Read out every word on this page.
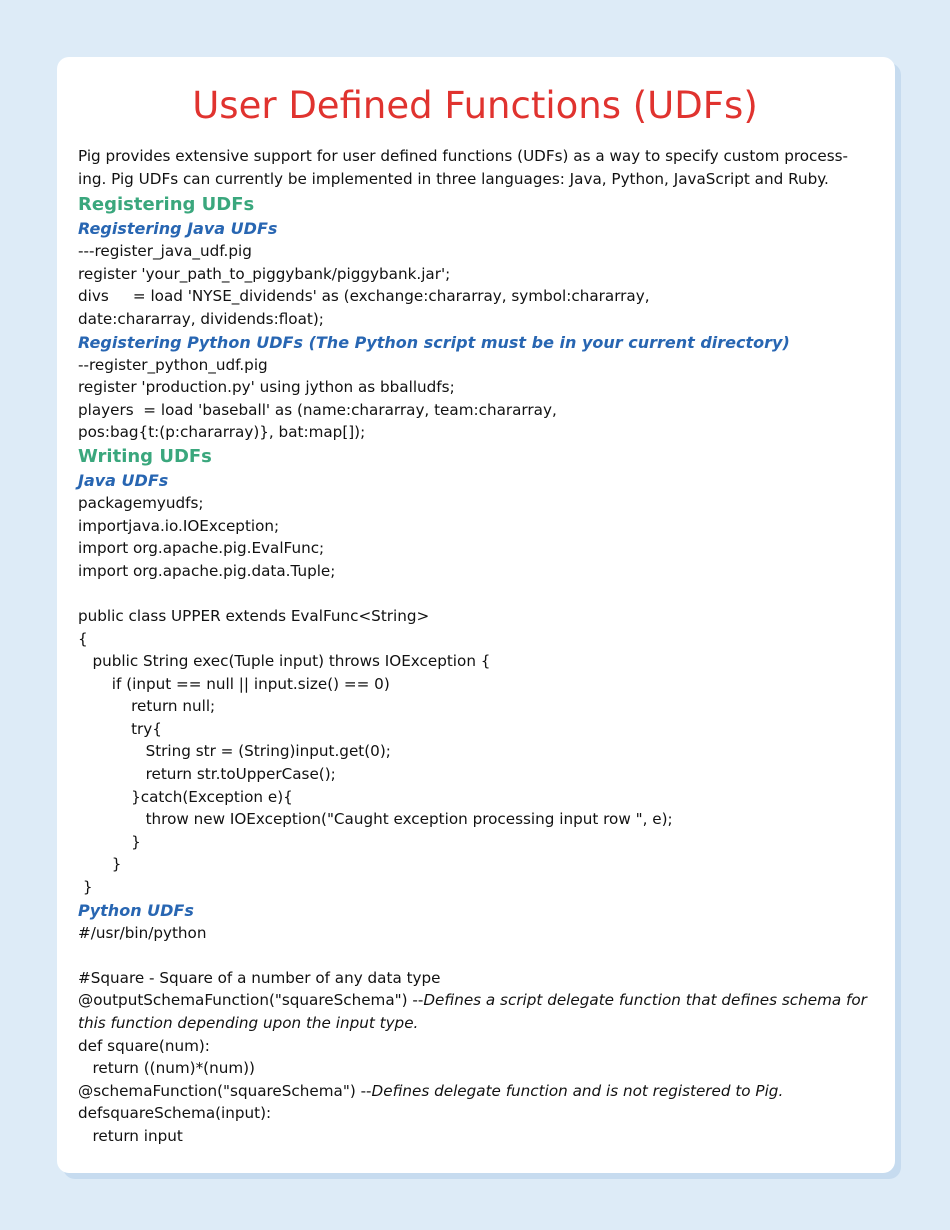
User Defined Functions (UDFs)
Pig provides extensive support for user defined functions (UDFs) as a way to specify custom process-ing. Pig UDFs can currently be implemented in three languages: Java, Python, JavaScript and Ruby.
Registering UDFs
Registering Java UDFs
---register_java_udf.pig
register 'your_path_to_piggybank/piggybank.jar';
divs     = load 'NYSE_dividends' as (exchange:chararray, symbol:chararray,
date:chararray, dividends:float);
Registering Python UDFs (The Python script must be in your current directory)
--register_python_udf.pig
register 'production.py' using jython as bballudfs;
players  = load 'baseball' as (name:chararray, team:chararray,
pos:bag{t:(p:chararray)}, bat:map[]);
Writing UDFs
Java UDFs
packagemyudfs;
importjava.io.IOException;
import org.apache.pig.EvalFunc;
import org.apache.pig.data.Tuple;
public class UPPER extends EvalFunc<String>
{
public String exec(Tuple input) throws IOException {
if (input == null || input.size() == 0)
return null;
try{
String str = (String)input.get(0);
return str.toUpperCase();
}catch(Exception e){
throw new IOException("Caught exception processing input row ", e);
}
}
}
Python UDFs
#/usr/bin/python
#Square - Square of a number of any data type
@outputSchemaFunction("squareSchema") --Defines a script delegate function that defines schema for
this function depending upon the input type.
def square(num):
return ((num)*(num))
@schemaFunction("squareSchema") --Defines delegate function and is not registered to Pig.
defsquareSchema(input):
return input
